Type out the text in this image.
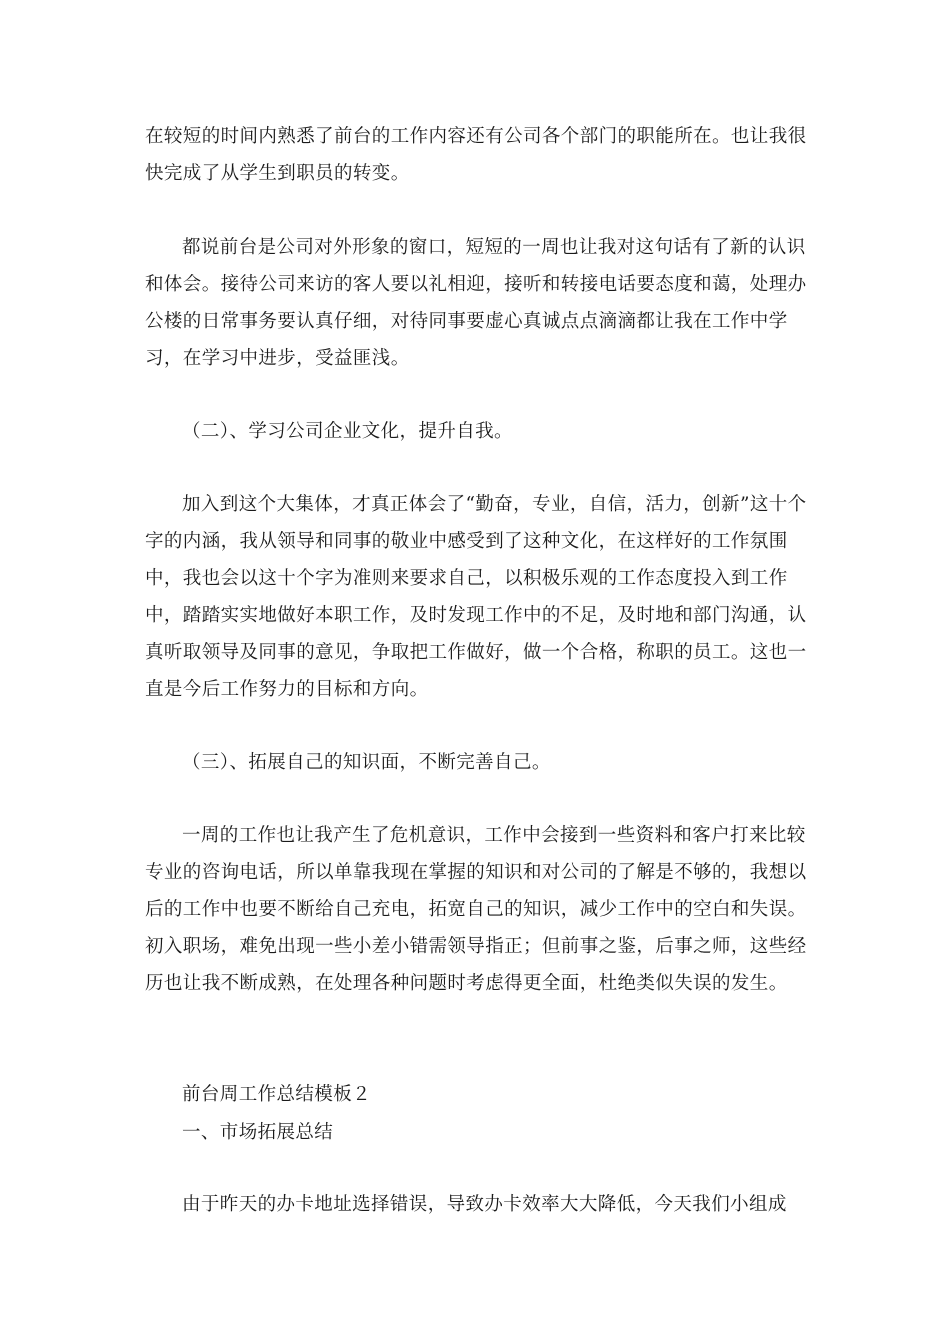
在较短的时间内熟悉了前台的工作内容还有公司各个部门的职能所在。也让我很快完成了从学生到职员的转变。

都说前台是公司对外形象的窗口，短短的一周也让我对这句话有了新的认识和体会。接待公司来访的客人要以礼相迎，接听和转接电话要态度和蔼，处理办公楼的日常事务要认真仔细，对待同事要虚心真诚点点滴滴都让我在工作中学习，在学习中进步，受益匪浅。

（二）、学习公司企业文化，提升自我。

加入到这个大集体，才真正体会了“勤奋，专业，自信，活力，创新”这十个字的内涵，我从领导和同事的敬业中感受到了这种文化，在这样好的工作氛围中，我也会以这十个字为准则来要求自己，以积极乐观的工作态度投入到工作中，踏踏实实地做好本职工作，及时发现工作中的不足，及时地和部门沟通，认真听取领导及同事的意见，争取把工作做好，做一个合格，称职的员工。这也一直是今后工作努力的目标和方向。

（三）、拓展自己的知识面，不断完善自己。

一周的工作也让我产生了危机意识，工作中会接到一些资料和客户打来比较专业的咨询电话，所以单靠我现在掌握的知识和对公司的了解是不够的，我想以后的工作中也要不断给自己充电，拓宽自己的知识，减少工作中的空白和失误。初入职场，难免出现一些小差小错需领导指正；但前事之鉴，后事之师，这些经历也让我不断成熟，在处理各种问题时考虑得更全面，杜绝类似失误的发生。

前台周工作总结模板２

一、市场拓展总结

由于昨天的办卡地址选择错误，导致办卡效率大大降低，今天我们小组成
